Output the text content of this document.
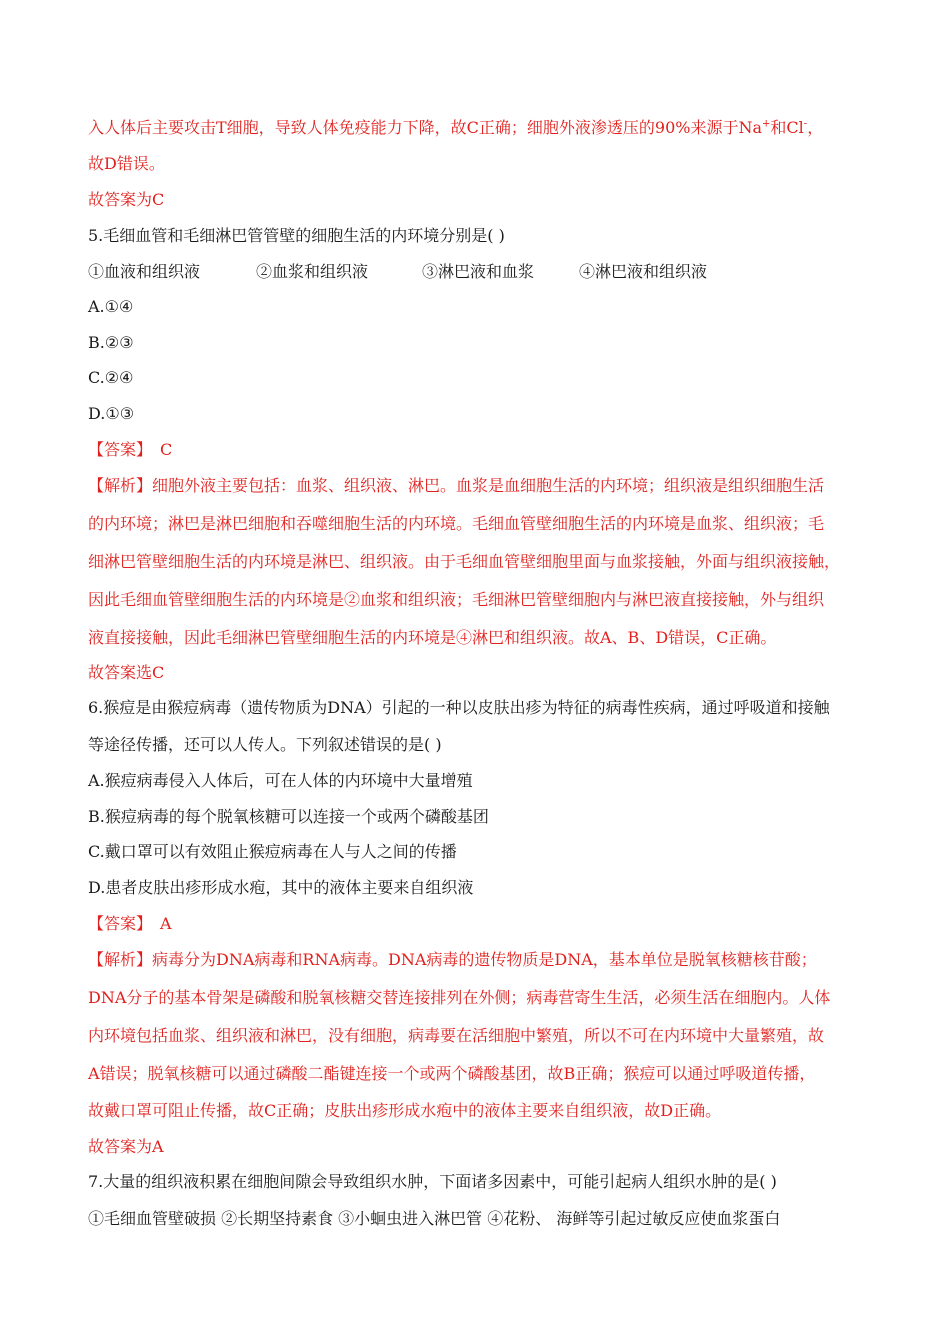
入人体后主要攻击T细胞，导致人体免疫能力下降，故C正确；细胞外液渗透压的90%来源于Na+和Cl-，
故D错误。
故答案为C
5.毛细血管和毛细淋巴管管壁的细胞生活的内环境分别是( )
①血液和组织液	②血浆和组织液	③淋巴液和血浆	④淋巴液和组织液
A.①④
B.②③
C.②④
D.①③
【答案】 C
【解析】细胞外液主要包括：血浆、组织液、淋巴。血浆是血细胞生活的内环境；组织液是组织细胞生活
的内环境；淋巴是淋巴细胞和吞噬细胞生活的内环境。毛细血管壁细胞生活的内环境是血浆、组织液；毛
细淋巴管壁细胞生活的内环境是淋巴、组织液。由于毛细血管壁细胞里面与血浆接触，外面与组织液接触，
因此毛细血管壁细胞生活的内环境是②血浆和组织液；毛细淋巴管壁细胞内与淋巴液直接接触，外与组织
液直接接触，因此毛细淋巴管壁细胞生活的内环境是④淋巴和组织液。故A、B、D错误，C正确。
故答案选C
6.猴痘是由猴痘病毒（遗传物质为DNA）引起的一种以皮肤出疹为特征的病毒性疾病，通过呼吸道和接触
等途径传播，还可以人传人。下列叙述错误的是( )
A.猴痘病毒侵入人体后，可在人体的内环境中大量增殖
B.猴痘病毒的每个脱氧核糖可以连接一个或两个磷酸基团
C.戴口罩可以有效阻止猴痘病毒在人与人之间的传播
D.患者皮肤出疹形成水疱，其中的液体主要来自组织液
【答案】 A
【解析】病毒分为DNA病毒和RNA病毒。DNA病毒的遗传物质是DNA，基本单位是脱氧核糖核苷酸；
DNA分子的基本骨架是磷酸和脱氧核糖交替连接排列在外侧；病毒营寄生生活，必须生活在细胞内。人体
内环境包括血浆、组织液和淋巴，没有细胞，病毒要在活细胞中繁殖，所以不可在内环境中大量繁殖，故
A错误；脱氧核糖可以通过磷酸二酯键连接一个或两个磷酸基团，故B正确；猴痘可以通过呼吸道传播，
故戴口罩可阻止传播，故C正确；皮肤出疹形成水疱中的液体主要来自组织液，故D正确。
故答案为A
7.大量的组织液积累在细胞间隙会导致组织水肿，下面诸多因素中，可能引起病人组织水肿的是( )
①毛细血管壁破损 ②长期坚持素食 ③小蛔虫进入淋巴管 ④花粉、 海鲜等引起过敏反应使血浆蛋白
